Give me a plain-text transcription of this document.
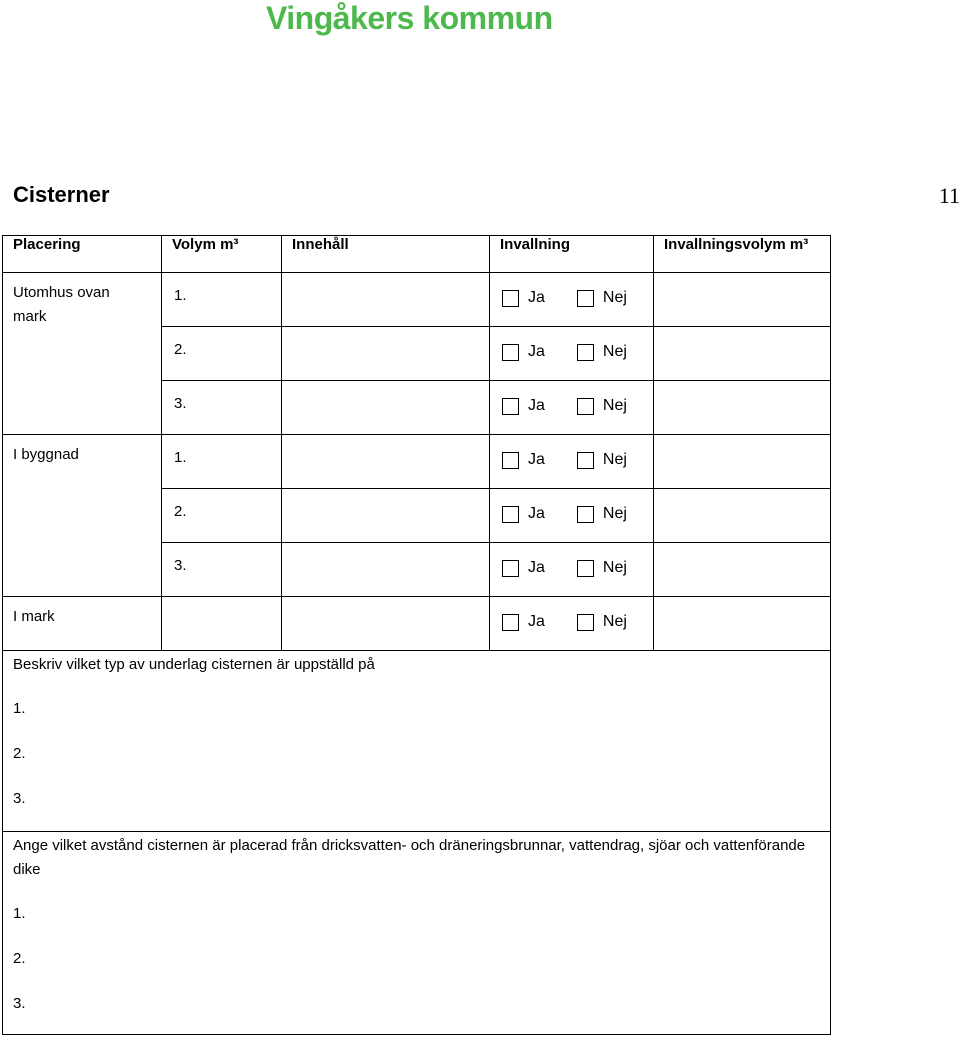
Vingåkers kommun
Cisterner	11
Placering	Volym m³	Innehåll	Invallning	Invallningsvolym m³

Utomhus ovan mark	1.		Ja Nej	

	2.		Ja Nej	

	3.		Ja Nej	

I byggnad	1.		Ja Nej	

	2.		Ja Nej	

	3.		Ja Nej	

I mark			Ja Nej	

Beskriv vilket typ av underlag cisternen är uppställd på
1.
2.
3.				

Ange vilket avstånd cisternen är placerad från dricksvatten- och dräneringsbrunnar, vattendrag, sjöar och vattenförande dike
1.
2.
3.				
